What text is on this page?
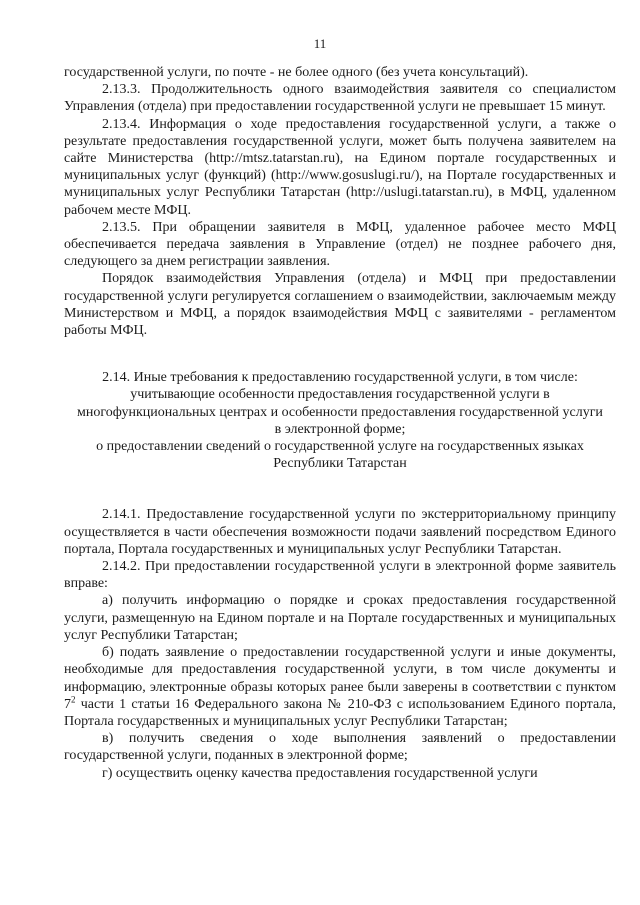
11

государственной услуги, по почте - не более одного (без учета консультаций).

2.13.3. Продолжительность одного взаимодействия заявителя со специалистом Управления (отдела) при предоставлении государственной услуги не превышает 15 минут.

2.13.4. Информация о ходе предоставления государственной услуги, а также о результате предоставления государственной услуги, может быть получена заявителем на сайте Министерства (http://mtsz.tatarstan.ru), на Едином портале государственных и муниципальных услуг (функций) (http://www.gosuslugi.ru/), на Портале государственных и муниципальных услуг Республики Татарстан (http://uslugi.tatarstan.ru), в МФЦ, удаленном рабочем месте МФЦ.

2.13.5. При обращении заявителя в МФЦ, удаленное рабочее место МФЦ обеспечивается передача заявления в Управление (отдел) не позднее рабочего дня, следующего за днем регистрации заявления.

Порядок взаимодействия Управления (отдела) и МФЦ при предоставлении государственной услуги регулируется соглашением о взаимодействии, заключаемым между Министерством и МФЦ, а порядок взаимодействия МФЦ с заявителями - регламентом работы МФЦ.

2.14. Иные требования к предоставлению государственной услуги, в том числе:
учитывающие особенности предоставления государственной услуги в многофункциональных центрах и особенности предоставления государственной услуги в электронной форме;
о предоставлении сведений о государственной услуге на государственных языках Республики Татарстан

2.14.1. Предоставление государственной услуги по экстерриториальному принципу осуществляется в части обеспечения возможности подачи заявлений посредством Единого портала, Портала государственных и муниципальных услуг Республики Татарстан.

2.14.2. При предоставлении государственной услуги в электронной форме заявитель вправе:

а) получить информацию о порядке и сроках предоставления государственной услуги, размещенную на Едином портале и на Портале государственных и муниципальных услуг Республики Татарстан;

б) подать заявление о предоставлении государственной услуги и иные документы, необходимые для предоставления государственной услуги, в том числе документы и информацию, электронные образы которых ранее были заверены в соответствии с пунктом $7^2$ части 1 статьи 16 Федерального закона № 210-ФЗ с использованием Единого портала, Портала государственных и муниципальных услуг Республики Татарстан;

в) получить сведения о ходе выполнения заявлений о предоставлении государственной услуги, поданных в электронной форме;

г) осуществить оценку качества предоставления государственной услуги
